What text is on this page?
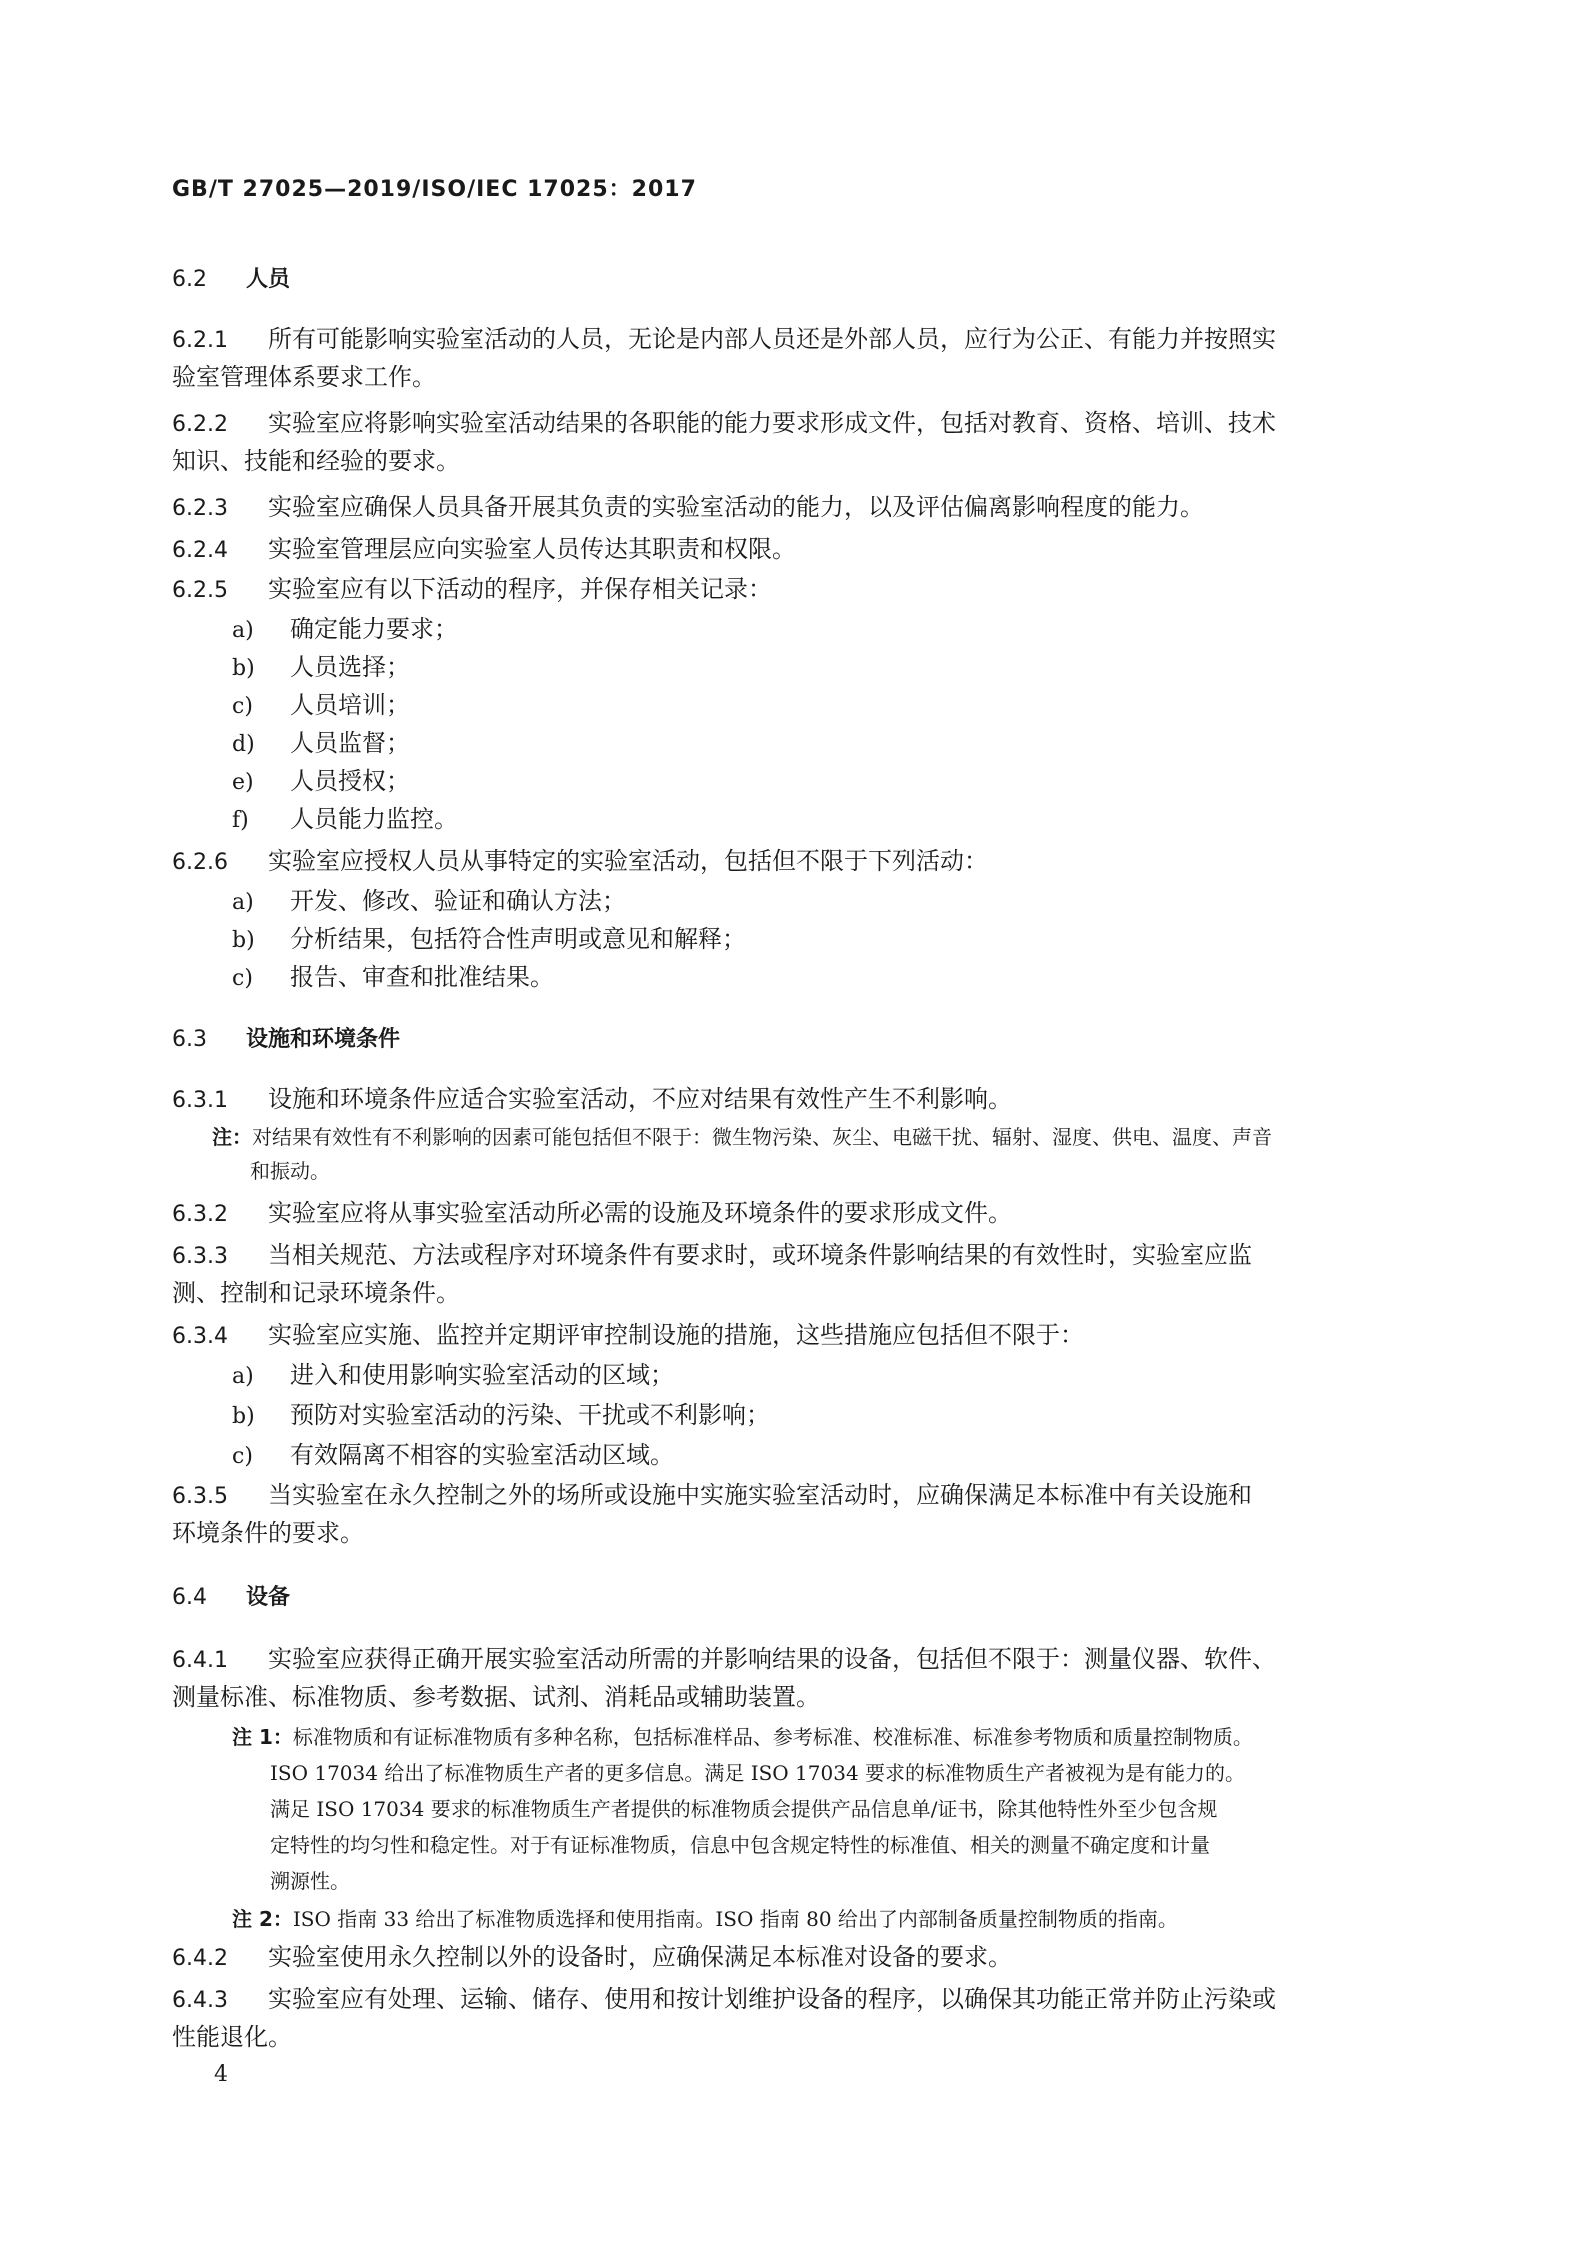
GB/T 27025—2019/ISO/IEC 17025：2017
6.2 人员
6.2.1 所有可能影响实验室活动的人员，无论是内部人员还是外部人员，应行为公正、有能力并按照实
验室管理体系要求工作。
6.2.2 实验室应将影响实验室活动结果的各职能的能力要求形成文件，包括对教育、资格、培训、技术
知识、技能和经验的要求。
6.2.3 实验室应确保人员具备开展其负责的实验室活动的能力，以及评估偏离影响程度的能力。
6.2.4 实验室管理层应向实验室人员传达其职责和权限。
6.2.5 实验室应有以下活动的程序，并保存相关记录：
a) 确定能力要求；
b) 人员选择；
c) 人员培训；
d) 人员监督；
e) 人员授权；
f) 人员能力监控。
6.2.6 实验室应授权人员从事特定的实验室活动，包括但不限于下列活动：
a) 开发、修改、验证和确认方法；
b) 分析结果，包括符合性声明或意见和解释；
c) 报告、审查和批准结果。
6.3 设施和环境条件
6.3.1 设施和环境条件应适合实验室活动，不应对结果有效性产生不利影响。
注：对结果有效性有不利影响的因素可能包括但不限于：微生物污染、灰尘、电磁干扰、辐射、湿度、供电、温度、声音
和振动。
6.3.2 实验室应将从事实验室活动所必需的设施及环境条件的要求形成文件。
6.3.3 当相关规范、方法或程序对环境条件有要求时，或环境条件影响结果的有效性时，实验室应监
测、控制和记录环境条件。
6.3.4 实验室应实施、监控并定期评审控制设施的措施，这些措施应包括但不限于：
a) 进入和使用影响实验室活动的区域；
b) 预防对实验室活动的污染、干扰或不利影响；
c) 有效隔离不相容的实验室活动区域。
6.3.5 当实验室在永久控制之外的场所或设施中实施实验室活动时，应确保满足本标准中有关设施和
环境条件的要求。
6.4 设备
6.4.1 实验室应获得正确开展实验室活动所需的并影响结果的设备，包括但不限于：测量仪器、软件、
测量标准、标准物质、参考数据、试剂、消耗品或辅助装置。
注 1：标准物质和有证标准物质有多种名称，包括标准样品、参考标准、校准标准、标准参考物质和质量控制物质。
ISO 17034 给出了标准物质生产者的更多信息。满足 ISO 17034 要求的标准物质生产者被视为是有能力的。
满足 ISO 17034 要求的标准物质生产者提供的标准物质会提供产品信息单/证书，除其他特性外至少包含规
定特性的均匀性和稳定性。对于有证标准物质，信息中包含规定特性的标准值、相关的测量不确定度和计量
溯源性。
注 2：ISO 指南 33 给出了标准物质选择和使用指南。ISO 指南 80 给出了内部制备质量控制物质的指南。
6.4.2 实验室使用永久控制以外的设备时，应确保满足本标准对设备的要求。
6.4.3 实验室应有处理、运输、储存、使用和按计划维护设备的程序，以确保其功能正常并防止污染或
性能退化。
4
